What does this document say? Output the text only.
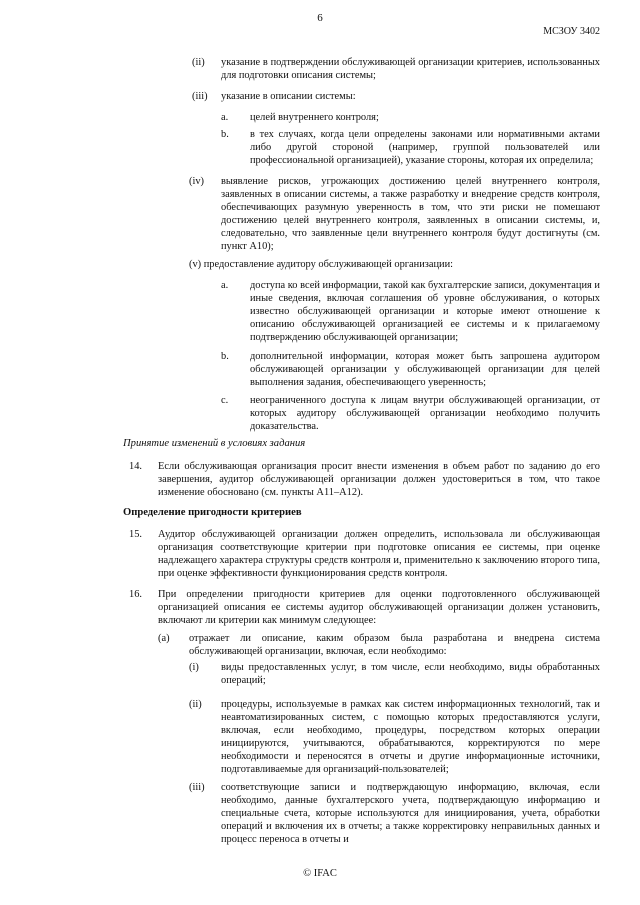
6
МСЗОУ 3402
(ii) указание в подтверждении обслуживающей организации критериев, использованных для подготовки описания системы;
(iii) указание в описании системы:
a. целей внутреннего контроля;
b. в тех случаях, когда цели определены законами или нормативными актами либо другой стороной (например, группой пользователей или профессиональной организацией), указание стороны, которая их определила;
(iv) выявление рисков, угрожающих достижению целей внутреннего контроля, заявленных в описании системы, а также разработку и внедрение средств контроля, обеспечивающих разумную уверенность в том, что эти риски не помешают достижению целей внутреннего контроля, заявленных в описании системы, и, следовательно, что заявленные цели внутреннего контроля будут достигнуты (см. пункт A10);
(v) предоставление аудитору обслуживающей организации:
a. доступа ко всей информации, такой как бухгалтерские записи, документация и иные сведения, включая соглашения об уровне обслуживания, о которых известно обслуживающей организации и которые имеют отношение к описанию обслуживающей организацией ее системы и к прилагаемому подтверждению обслуживающей организации;
b. дополнительной информации, которая может быть запрошена аудитором обслуживающей организации у обслуживающей организации для целей выполнения задания, обеспечивающего уверенность;
c. неограниченного доступа к лицам внутри обслуживающей организации, от которых аудитору обслуживающей организации необходимо получить доказательства.
Принятие изменений в условиях задания
14. Если обслуживающая организация просит внести изменения в объем работ по заданию до его завершения, аудитор обслуживающей организации должен удостовериться в том, что такое изменение обосновано (см. пункты A11–A12).
Определение пригодности критериев
15. Аудитор обслуживающей организации должен определить, использовала ли обслуживающая организация соответствующие критерии при подготовке описания ее системы, при оценке надлежащего характера структуры средств контроля и, применительно к заключению второго типа, при оценке эффективности функционирования средств контроля.
16. При определении пригодности критериев для оценки подготовленного обслуживающей организацией описания ее системы аудитор обслуживающей организации должен установить, включают ли критерии как минимум следующее:
(a) отражает ли описание, каким образом была разработана и внедрена система обслуживающей организации, включая, если необходимо:
(i) виды предоставленных услуг, в том числе, если необходимо, виды обработанных операций;
(ii) процедуры, используемые в рамках как систем информационных технологий, так и неавтоматизированных систем, с помощью которых предоставляются услуги, включая, если необходимо, процедуры, посредством которых операции инициируются, учитываются, обрабатываются, корректируются по мере необходимости и переносятся в отчеты и другие информационные источники, подготавливаемые для организаций-пользователей;
(iii) соответствующие записи и подтверждающую информацию, включая, если необходимо, данные бухгалтерского учета, подтверждающую информацию и специальные счета, которые используются для инициирования, учета, обработки операций и включения их в отчеты; а также корректировку неправильных данных и процесс переноса в отчеты и
© IFAC
